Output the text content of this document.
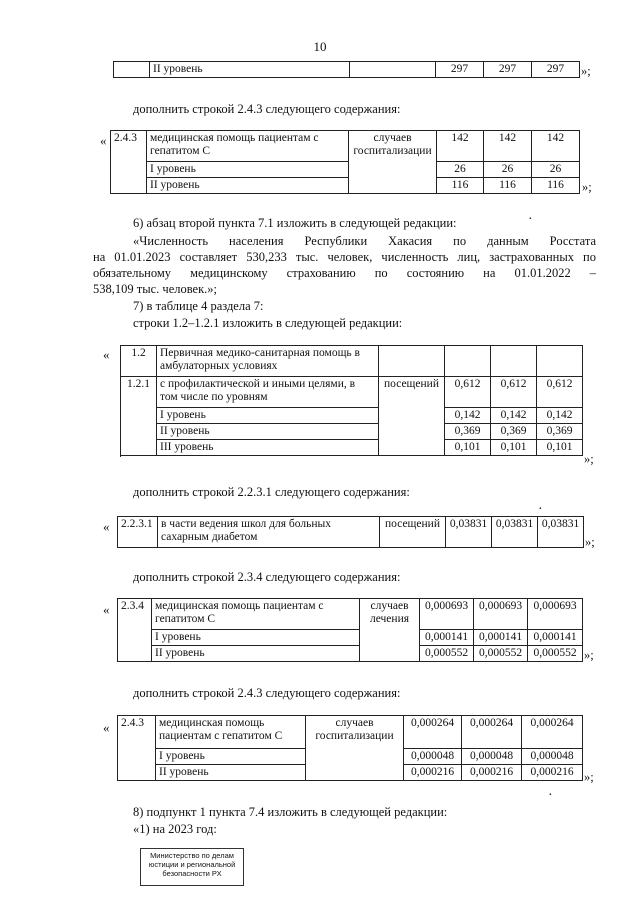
10
	II уровень		297	297	297 »;
дополнить строкой 2.4.3 следующего содержания:
« 2.4.3	медицинская помощь пациентам с гепатитом С	случаев госпитализации	142	142	142
	I уровень		26	26	26
	II уровень		116	116	116 »;
6) абзац второй пункта 7.1 изложить в следующей редакции:	·
«Численность населения Республики Хакасия по данным Росстата
на 01.01.2023 составляет 530,233 тыс. человек, численность лиц, застрахованных по
обязательному медицинскому страхованию по состоянию на 01.01.2022 –
538,109 тыс. человек.»;
7) в таблице 4 раздела 7:
строки 1.2–1.2.1 изложить в следующей редакции:
« 1.2	Первичная медико-санитарная помощь в амбулаторных условиях				
1.2.1	с профилактической и иными целями, в том числе по уровням	посещений	0,612	0,612	0,612
	I уровень		0,142	0,142	0,142
	II уровень		0,369	0,369	0,369
	III уровень		0,101	0,101	0,101

»;
дополнить строкой 2.2.3.1 следующего содержания:
·
« 2.2.3.1	в части ведения школ для больных сахарным диабетом	посещений	0,03831	0,03831	0,03831
»;
дополнить строкой 2.3.4 следующего содержания:
« 2.3.4	медицинская помощь пациентам с гепатитом С	случаев лечения	0,000693	0,000693	0,000693
	I уровень		0,000141	0,000141	0,000141
	II уровень		0,000552	0,000552	0,000552 »;
дополнить строкой 2.4.3 следующего содержания:
« 2.4.3	медицинская помощь пациентам с гепатитом С	случаев госпитализации	0,000264	0,000264	0,000264
	I уровень		0,000048	0,000048	0,000048
	II уровень		0,000216	0,000216	0,000216 »;
·
8) подпункт 1 пункта 7.4 изложить в следующей редакции:
«1) на 2023 год:
Министерство по делам
юстиции и региональной
безопасности РХ
